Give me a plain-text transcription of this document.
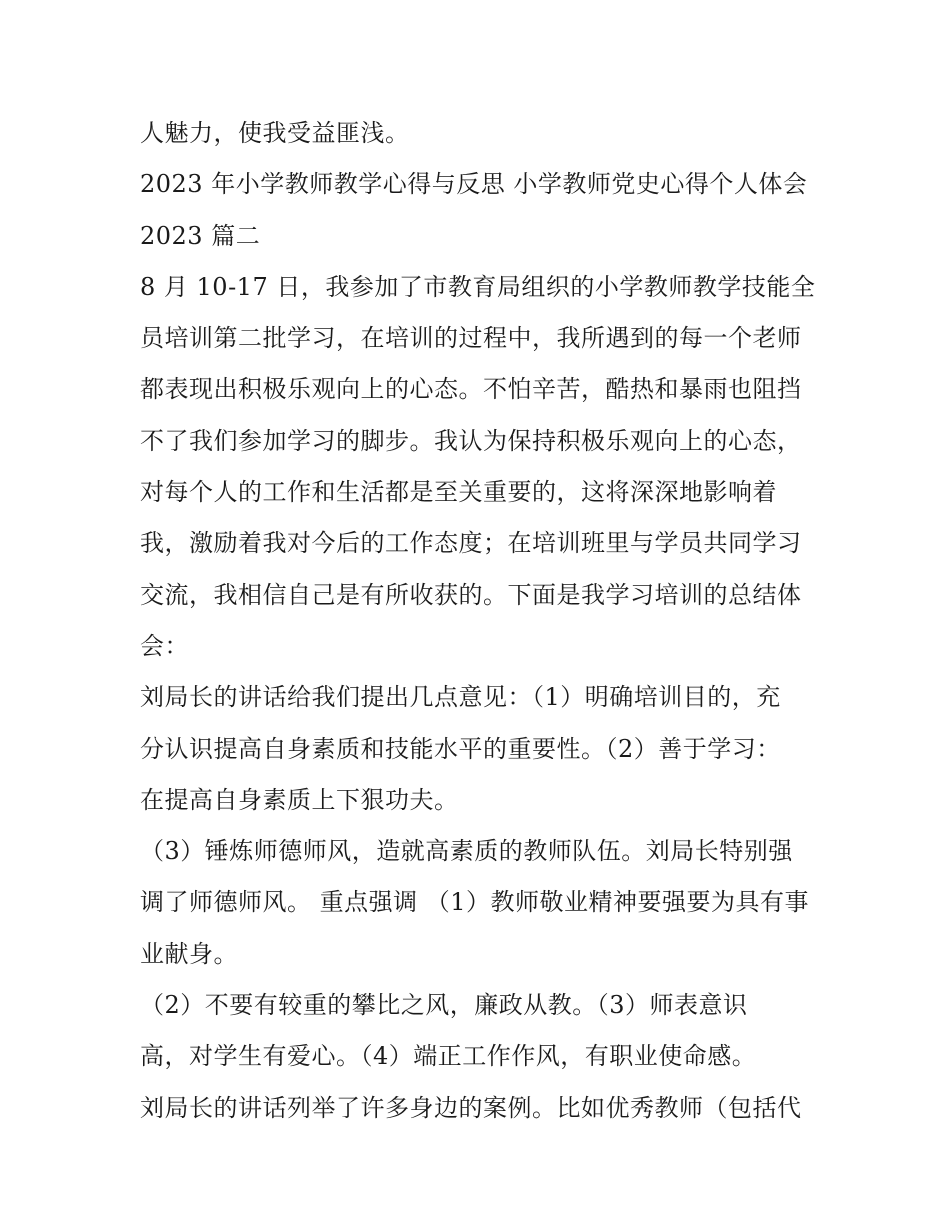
人魅力，使我受益匪浅。
2023 年小学教师教学心得与反思 小学教师党史心得个人体会
2023 篇二
8 月 10-17 日，我参加了市教育局组织的小学教师教学技能全
员培训第二批学习，在培训的过程中，我所遇到的每一个老师
都表现出积极乐观向上的心态。不怕辛苦，酷热和暴雨也阻挡
不了我们参加学习的脚步。我认为保持积极乐观向上的心态，
对每个人的工作和生活都是至关重要的，这将深深地影响着
我，激励着我对今后的工作态度；在培训班里与学员共同学习
交流，我相信自己是有所收获的。下面是我学习培训的总结体
会：
刘局长的讲话给我们提出几点意见：（1）明确培训目的，充
分认识提高自身素质和技能水平的重要性。（2）善于学习：
在提高自身素质上下狠功夫。
（3）锤炼师德师风，造就高素质的教师队伍。刘局长特别强
调了师德师风。 重点强调 （1）教师敬业精神要强要为具有事
业献身。
（2）不要有较重的攀比之风，廉政从教。（3）师表意识
高，对学生有爱心。（4）端正工作作风，有职业使命感。
刘局长的讲话列举了许多身边的案例。比如优秀教师（包括代
